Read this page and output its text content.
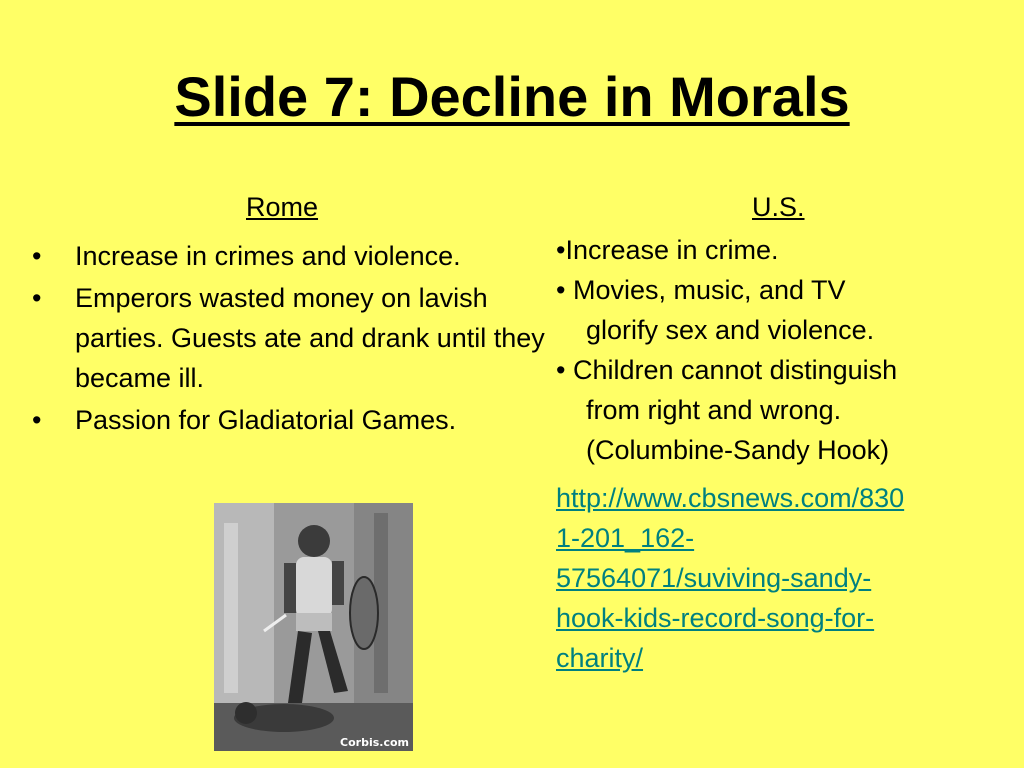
Slide 7: Decline in Morals
Rome	U.S.
• Increase in crimes and violence.
• Emperors wasted money on lavish parties. Guests ate and drank until they became ill.
• Passion for Gladiatorial Games.
•Increase in crime.
• Movies, music, and TV
glorify sex and violence.
• Children cannot distinguish
from right and wrong.
(Columbine-Sandy Hook)
http://www.cbsnews.com/830
1-201_162-
57564071/suviving-sandy-
hook-kids-record-song-for-
charity/
Corbis.com
